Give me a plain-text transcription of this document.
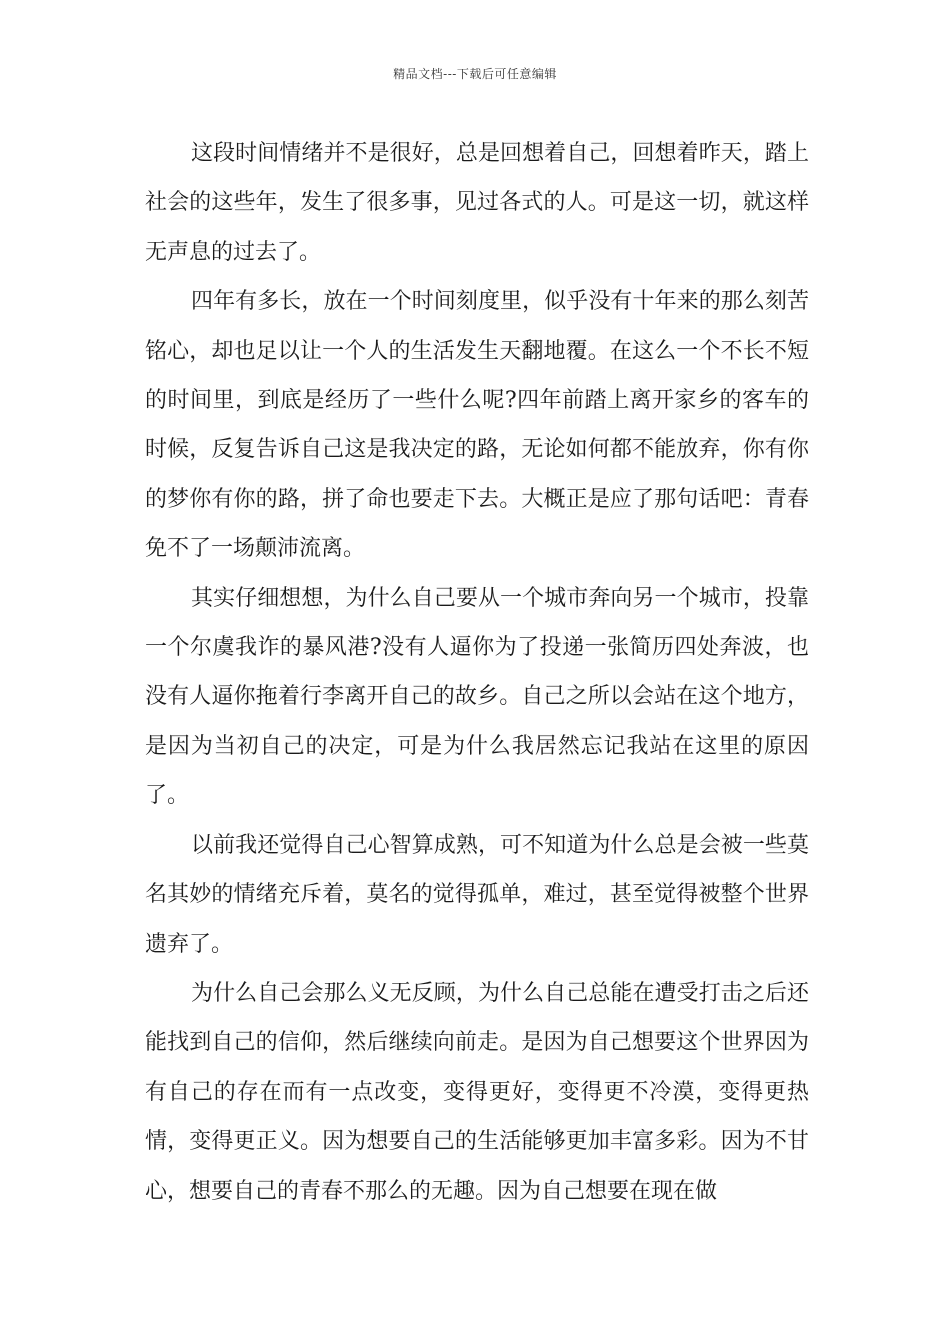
精品文档---下载后可任意编辑

这段时间情绪并不是很好，总是回想着自己，回想着昨天，踏上社会的这些年，发生了很多事，见过各式的人。可是这一切，就这样无声息的过去了。

四年有多长，放在一个时间刻度里，似乎没有十年来的那么刻苦铭心，却也足以让一个人的生活发生天翻地覆。在这么一个不长不短的时间里，到底是经历了一些什么呢?四年前踏上离开家乡的客车的时候，反复告诉自己这是我决定的路，无论如何都不能放弃，你有你的梦你有你的路，拼了命也要走下去。大概正是应了那句话吧：青春免不了一场颠沛流离。

其实仔细想想，为什么自己要从一个城市奔向另一个城市，投靠一个尔虞我诈的暴风港?没有人逼你为了投递一张简历四处奔波，也没有人逼你拖着行李离开自己的故乡。自己之所以会站在这个地方，是因为当初自己的决定，可是为什么我居然忘记我站在这里的原因了。

以前我还觉得自己心智算成熟，可不知道为什么总是会被一些莫名其妙的情绪充斥着，莫名的觉得孤单，难过，甚至觉得被整个世界遗弃了。

为什么自己会那么义无反顾，为什么自己总能在遭受打击之后还能找到自己的信仰，然后继续向前走。是因为自己想要这个世界因为有自己的存在而有一点改变，变得更好，变得更不冷漠，变得更热情，变得更正义。因为想要自己的生活能够更加丰富多彩。因为不甘心，想要自己的青春不那么的无趣。因为自己想要在现在做
